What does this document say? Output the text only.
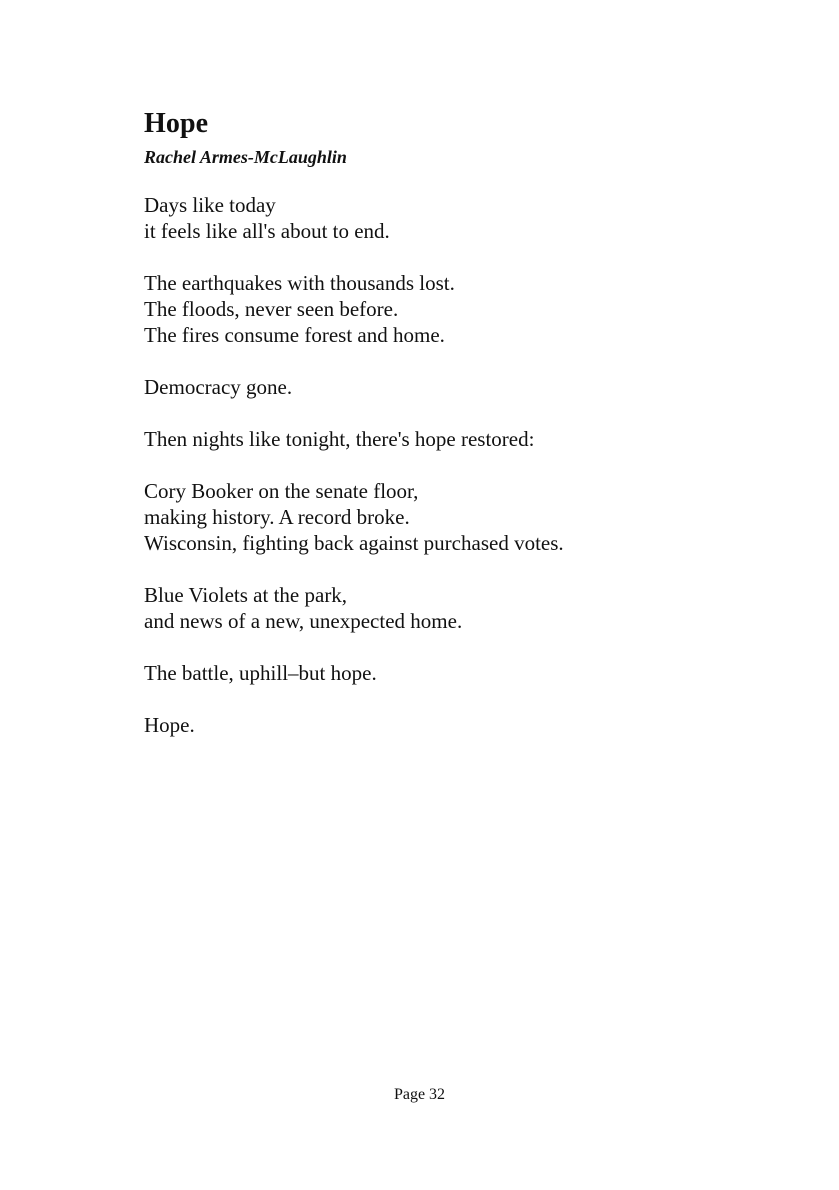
Hope
Rachel Armes-McLaughlin
Days like today
it feels like all's about to end.
The earthquakes with thousands lost.
The floods, never seen before.
The fires consume forest and home.
Democracy gone.
Then nights like tonight, there's hope restored:
Cory Booker on the senate floor,
making history. A record broke.
Wisconsin, fighting back against purchased votes.
Blue Violets at the park,
and news of a new, unexpected home.
The battle, uphill–but hope.
Hope.
Page 32
